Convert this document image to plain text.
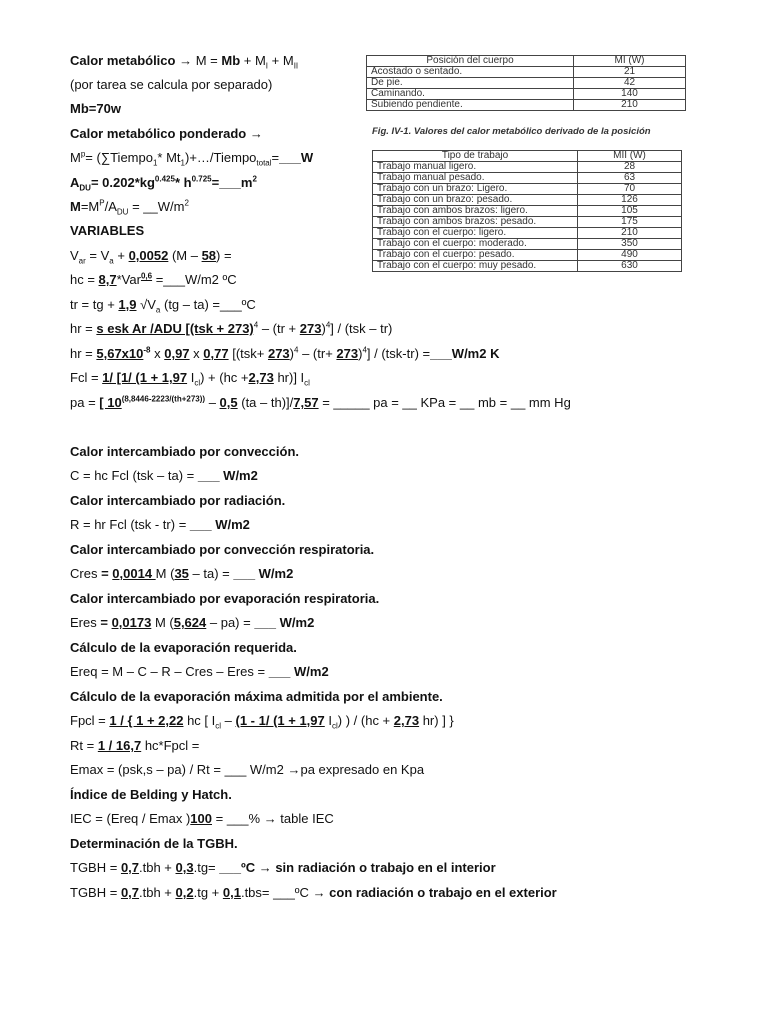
Posición del cuerpo	MI (W)
Acostado o sentado.	21
De pie.	42
Caminando.	140
Subiendo pendiente.	210
Fig. IV-1. Valores del calor metabólico derivado de la posición
Tipo de trabajo	MII (W)
Trabajo manual ligero.	28
Trabajo manual pesado.	63
Trabajo con un brazo: Ligero.	70
Trabajo con un brazo: pesado.	126
Trabajo con ambos brazos: ligero.	105
Trabajo con ambos brazos: pesado.	175
Trabajo con el cuerpo: ligero.	210
Trabajo con el cuerpo: moderado.	350
Trabajo con el cuerpo: pesado.	490
Trabajo con el cuerpo: muy pesado.	630
Calor metabólico → $M = Mb + M_I + M_{II}$
(por tarea se calcula por separado)
Mb=70w
Calor metabólico ponderado →
$M^p=$ (∑Tiempo$_1$* $Mt_1)+\dots/Tiempo_{total}=\_\_\_W$
$A_{DU}= 0.202*kg^{0.425}*$ $h^{0.725}=\_\_\_m^2$
$M=M^P/A_{DU}$ = $\_\_W/m^2$
VARIABLES
$V_{ar} = V_a + 0,0052$ (M – 58) =
hc = 8,7*Var$^{0,6}$ =___W/m2 ºC
tr = tg + 1,9 $√V_a$ (tg – ta) =___ºC
hr = s esk Ar /ADU [(tsk + 273)$^4$ – (tr + 273)$^4$] / (tsk – tr)
hr = $5,67x10^{-8}$ x 0,97 x 0,77 $[(tsk+ 273)^4 - (tr+ 273)^4] / (tsk-tr)$ =___W/m2 K
Fcl = 1/ [1/ (1 + 1,97 $I_{cl}) + (hc +2,73$ hr)] $I_{cl}$
pa = [ $10^{(8,8446-2223/(th+273))} - 0,5$ (ta – th)]/7,57 = _____ pa = __ KPa = __ mb = __ mm Hg
Calor intercambiado por convección.
C = hc Fcl (tsk – ta) = ___ W/m2
Calor intercambiado por radiación.
R = hr Fcl (tsk - tr) = ___ W/m2
Calor intercambiado por convección respiratoria.
Cres = 0,0014 M (35 – ta) = ___ W/m2
Calor intercambiado por evaporación respiratoria.
Eres = 0,0173 M (5,624 – pa) = ___ W/m2
Cálculo de la evaporación requerida.
Ereq = M – C – R – Cres – Eres = ___ W/m2
Cálculo de la evaporación máxima admitida por el ambiente.
Fpcl = 1 / { 1 + 2,22 hc [ $I_{cl} - (1 - 1/$ (1 + 1,97 $I_{cl}$) ) / (hc + 2,73 hr) ] }
Rt = 1 / 16,7 hc*Fpcl =
Emax = (psk,s – pa) / Rt = ___ W/m2 →pa expresado en Kpa
Índice de Belding y Hatch.
IEC = (Ereq / Emax )100 = ___% → table IEC
Determinación de la TGBH.
TGBH = 0,7.tbh + 0,3.tg= ___ºC → sin radiación o trabajo en el interior
TGBH = 0,7.tbh + 0,2.tg + 0,1.tbs= ___ºC → con radiación o trabajo en el exterior
